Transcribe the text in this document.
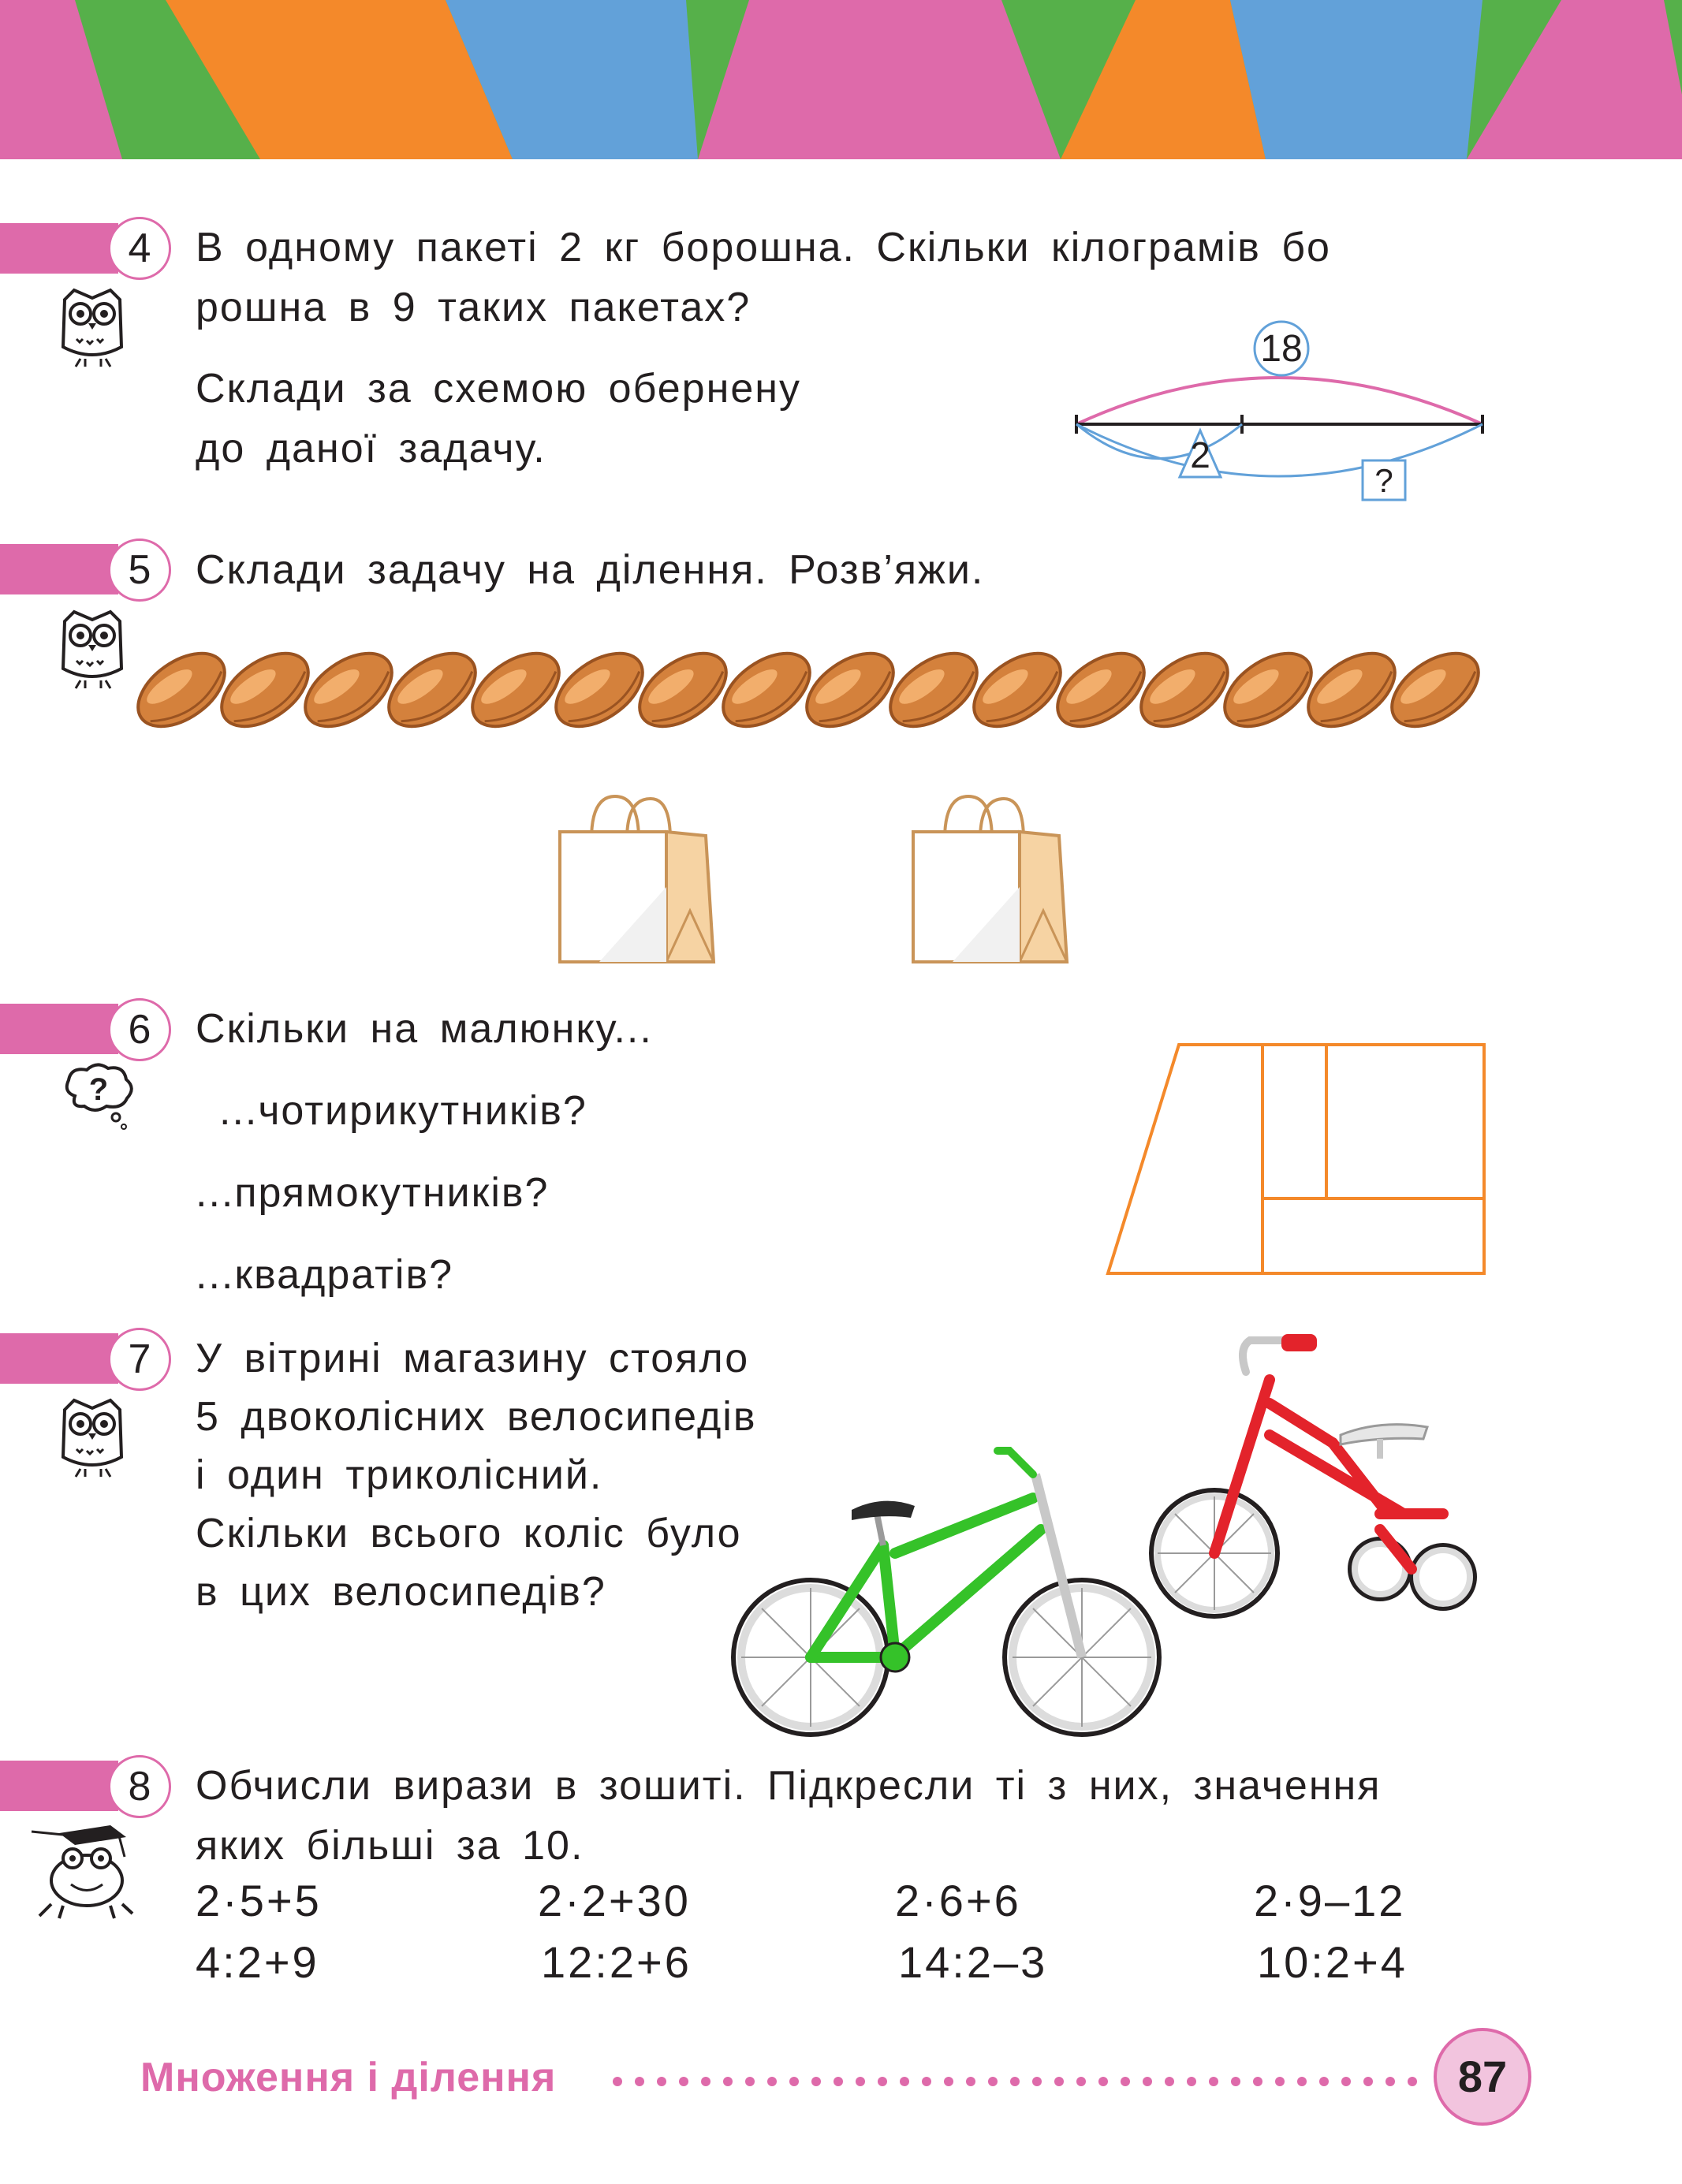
4	В одному пакеті 2 кг борошна. Скільки кілограмів бо
рошна в 9 таких пакетах?
Склади за схемою обернену
до даної задачу.
18
2
?
5	Склади задачу на ділення. Розв’яжи.
6
?
Скільки на малюнку...
...чотирикутників?
...прямокутників?
...квадратів?
7	У вітрині магазину стояло
5 двоколісних велосипедів
і один триколісний.
Скільки всього коліс було
в цих велосипедів?
8	Обчисли вирази в зошиті. Підкресли ті з них, значення
яких більші за 10.
2·5+5	2·2+30	2·6+6	2·9–12
4:2+9	12:2+6	14:2–3	10:2+4
Множення і ділення	87
